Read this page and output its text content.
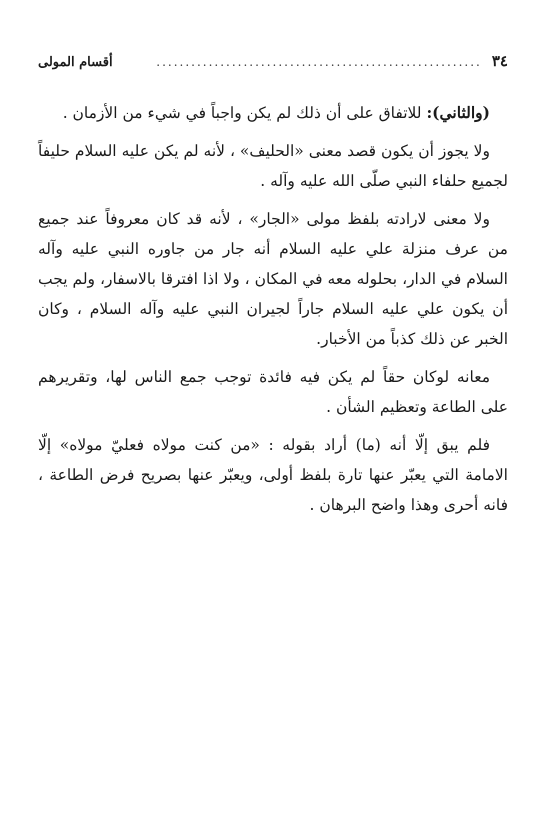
٣٤
........................................................
أقسام المولى

(والثاني): للاتفاق على أن ذلك لم يكن واجباً في شيء من الأزمان .

ولا يجوز أن يكون قصد معنى «الحليف» ، لأنه لم يكن عليه السلام حليفاً لجميع حلفاء النبي صلّى الله عليه وآله .

ولا معنى لارادته بلفظ مولى «الجار» ، لأنه قد كان معروفاً عند جميع من عرف منزلة علي عليه السلام أنه جار من جاوره النبي عليه وآله السلام في الدار، بحلوله معه في المكان ، ولا اذا افترقا بالاسفار، ولم يجب أن يكون علي عليه السلام جاراً لجيران النبي عليه وآله السلام ، وكان الخبر عن ذلك كذباً من الأخبار.

معانه لوكان حقاً لم يكن فيه فائدة توجب جمع الناس لها، وتقريرهم على الطاعة وتعظيم الشأن .

فلم يبق إلّا أنه (ما) أراد بقوله : «من كنت مولاه فعليّ مولاه» إلّا الامامة التي يعبّر عنها تارة بلفظ أولى، ويعبّر عنها بصريح فرض الطاعة ، فانه أحرى وهذا واضح البرهان .
